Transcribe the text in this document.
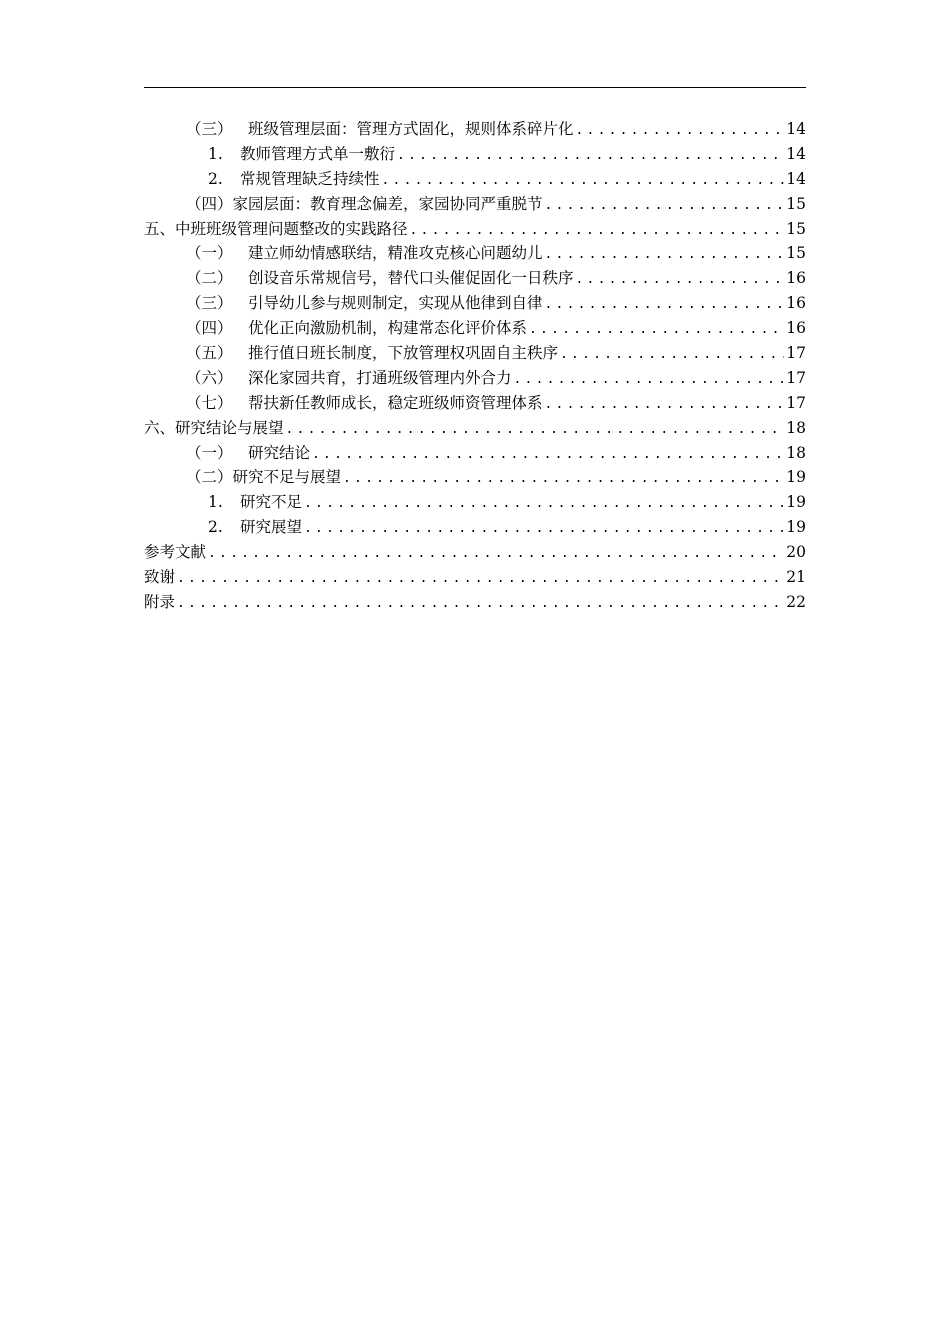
（三） 班级管理层面：管理方式固化，规则体系碎片化 .....	14
1. 教师管理方式单一敷衍 .....	14
2. 常规管理缺乏持续性 .....	14
（四）家园层面：教育理念偏差，家园协同严重脱节 .....	15
五、中班班级管理问题整改的实践路径 .....	15
（一） 建立师幼情感联结，精准攻克核心问题幼儿 .....	15
（二） 创设音乐常规信号，替代口头催促固化一日秩序 .....	16
（三） 引导幼儿参与规则制定，实现从他律到自律 .....	16
（四） 优化正向激励机制，构建常态化评价体系 .....	16
（五） 推行值日班长制度，下放管理权巩固自主秩序 .....	17
（六） 深化家园共育，打通班级管理内外合力 .....	17
（七） 帮扶新任教师成长，稳定班级师资管理体系 .....	17
六、研究结论与展望 .....	18
（一） 研究结论 .....	18
（二）研究不足与展望 .....	19
1. 研究不足 .....	19
2. 研究展望 .....	19
参考文献 .....	20
致谢 .....	21
附录 .....	22
